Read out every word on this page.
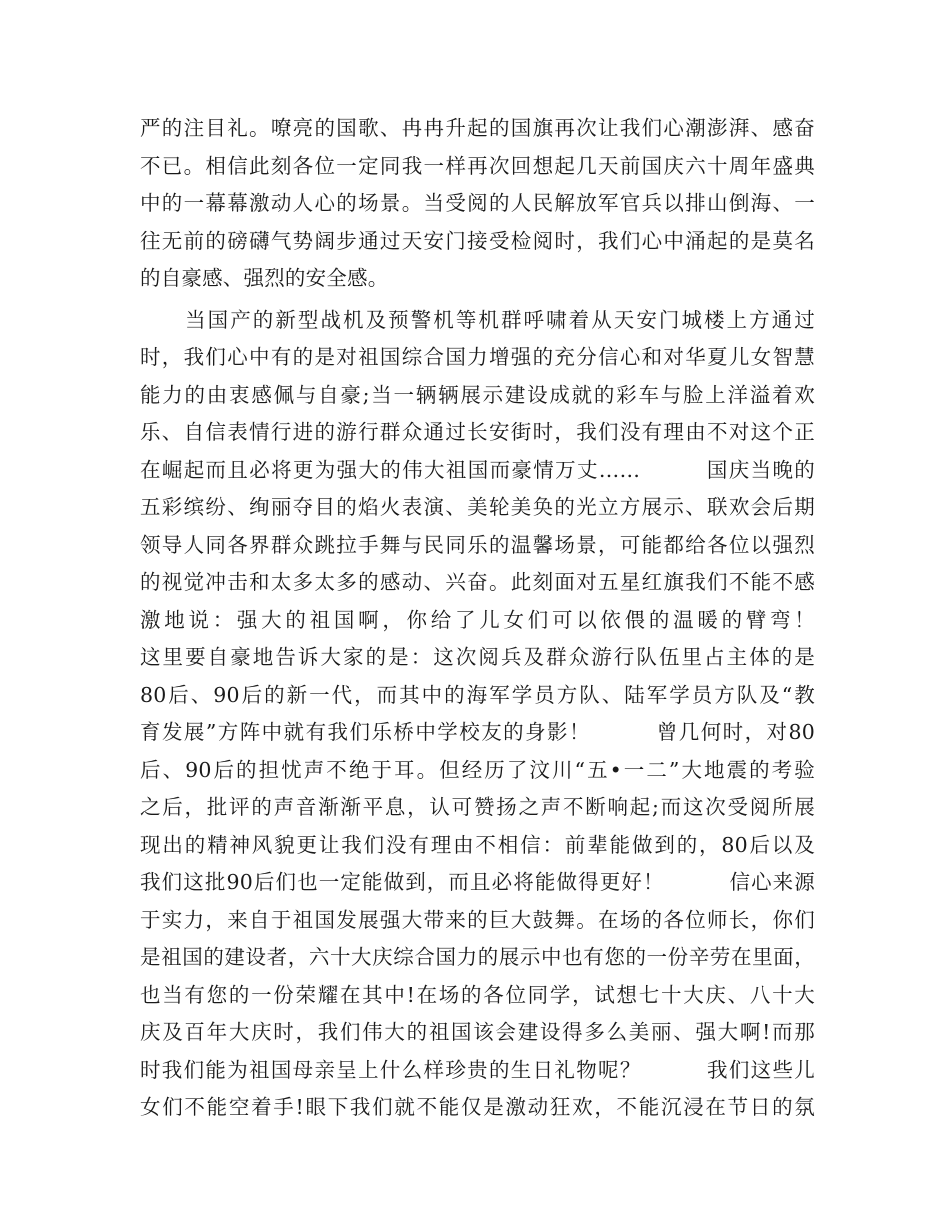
严的注目礼。嘹亮的国歌、冉冉升起的国旗再次让我们心潮澎湃、感奋
不已。相信此刻各位一定同我一样再次回想起几天前国庆六十周年盛典
中的一幕幕激动人心的场景。当受阅的人民解放军官兵以排山倒海、一
往无前的磅礴气势阔步通过天安门接受检阅时，我们心中涌起的是莫名
的自豪感、强烈的安全感。
　　当国产的新型战机及预警机等机群呼啸着从天安门城楼上方通过
时，我们心中有的是对祖国综合国力增强的充分信心和对华夏儿女智慧
能力的由衷感佩与自豪;当一辆辆展示建设成就的彩车与脸上洋溢着欢
乐、自信表情行进的游行群众通过长安街时，我们没有理由不对这个正
在崛起而且必将更为强大的伟大祖国而豪情万丈……　　　国庆当晚的
五彩缤纷、绚丽夺目的焰火表演、美轮美奂的光立方展示、联欢会后期
领导人同各界群众跳拉手舞与民同乐的温馨场景，可能都给各位以强烈
的视觉冲击和太多太多的感动、兴奋。此刻面对五星红旗我们不能不感
激地说：强大的祖国啊，你给了儿女们可以依偎的温暖的臂弯！
这里要自豪地告诉大家的是：这次阅兵及群众游行队伍里占主体的是
80后、90后的新一代，而其中的海军学员方队、陆军学员方队及“教
育发展”方阵中就有我们乐桥中学校友的身影！　　　曾几何时，对80
后、90后的担忧声不绝于耳。但经历了汶川“五•一二”大地震的考验
之后，批评的声音渐渐平息，认可赞扬之声不断响起;而这次受阅所展
现出的精神风貌更让我们没有理由不相信：前辈能做到的，80后以及
我们这批90后们也一定能做到，而且必将能做得更好！　　　信心来源
于实力，来自于祖国发展强大带来的巨大鼓舞。在场的各位师长，你们
是祖国的建设者，六十大庆综合国力的展示中也有您的一份辛劳在里面，
也当有您的一份荣耀在其中!在场的各位同学，试想七十大庆、八十大
庆及百年大庆时，我们伟大的祖国该会建设得多么美丽、强大啊!而那
时我们能为祖国母亲呈上什么样珍贵的生日礼物呢？　　　我们这些儿
女们不能空着手!眼下我们就不能仅是激动狂欢，不能沉浸在节日的氛
